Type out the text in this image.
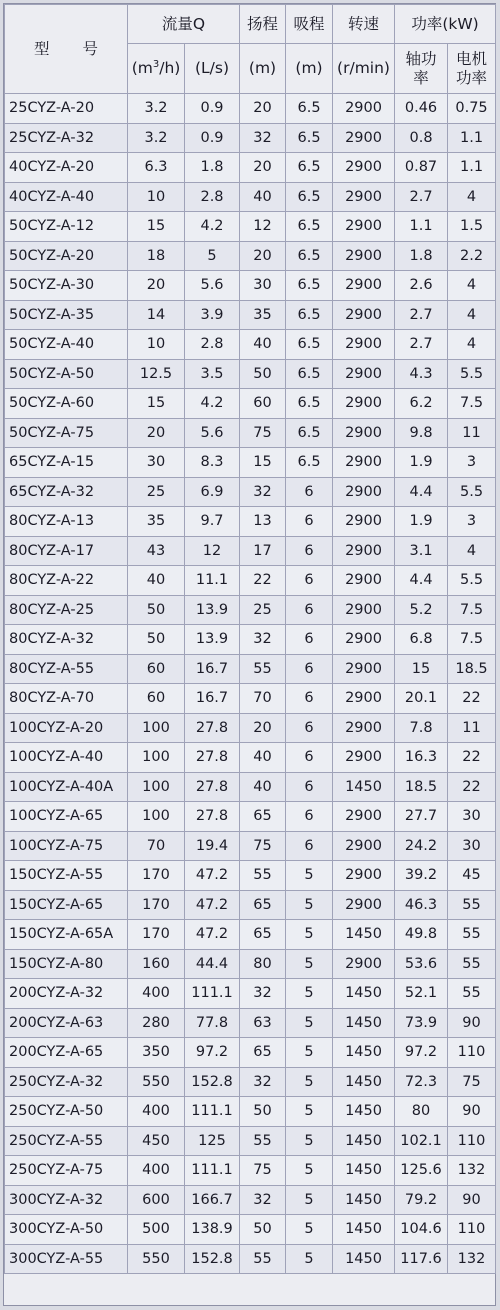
型 号	流量Q		扬程	吸程	转速	功率(kW)	
	$(m^3/h)$	(L/s)	(m)	(m)	(r/min)	轴功率	电机功率
25CYZ-A-20	3.2	0.9	20	6.5	2900	0.46	0.75
25CYZ-A-32	3.2	0.9	32	6.5	2900	0.8	1.1
40CYZ-A-20	6.3	1.8	20	6.5	2900	0.87	1.1
40CYZ-A-40	10	2.8	40	6.5	2900	2.7	4
50CYZ-A-12	15	4.2	12	6.5	2900	1.1	1.5
50CYZ-A-20	18	5	20	6.5	2900	1.8	2.2
50CYZ-A-30	20	5.6	30	6.5	2900	2.6	4
50CYZ-A-35	14	3.9	35	6.5	2900	2.7	4
50CYZ-A-40	10	2.8	40	6.5	2900	2.7	4
50CYZ-A-50	12.5	3.5	50	6.5	2900	4.3	5.5
50CYZ-A-60	15	4.2	60	6.5	2900	6.2	7.5
50CYZ-A-75	20	5.6	75	6.5	2900	9.8	11
65CYZ-A-15	30	8.3	15	6.5	2900	1.9	3
65CYZ-A-32	25	6.9	32	6	2900	4.4	5.5
80CYZ-A-13	35	9.7	13	6	2900	1.9	3
80CYZ-A-17	43	12	17	6	2900	3.1	4
80CYZ-A-22	40	11.1	22	6	2900	4.4	5.5
80CYZ-A-25	50	13.9	25	6	2900	5.2	7.5
80CYZ-A-32	50	13.9	32	6	2900	6.8	7.5
80CYZ-A-55	60	16.7	55	6	2900	15	18.5
80CYZ-A-70	60	16.7	70	6	2900	20.1	22
100CYZ-A-20	100	27.8	20	6	2900	7.8	11
100CYZ-A-40	100	27.8	40	6	2900	16.3	22
100CYZ-A-40A	100	27.8	40	6	1450	18.5	22
100CYZ-A-65	100	27.8	65	6	2900	27.7	30
100CYZ-A-75	70	19.4	75	6	2900	24.2	30
150CYZ-A-55	170	47.2	55	5	2900	39.2	45
150CYZ-A-65	170	47.2	65	5	2900	46.3	55
150CYZ-A-65A	170	47.2	65	5	1450	49.8	55
150CYZ-A-80	160	44.4	80	5	2900	53.6	55
200CYZ-A-32	400	111.1	32	5	1450	52.1	55
200CYZ-A-63	280	77.8	63	5	1450	73.9	90
200CYZ-A-65	350	97.2	65	5	1450	97.2	110
250CYZ-A-32	550	152.8	32	5	1450	72.3	75
250CYZ-A-50	400	111.1	50	5	1450	80	90
250CYZ-A-55	450	125	55	5	1450	102.1	110
250CYZ-A-75	400	111.1	75	5	1450	125.6	132
300CYZ-A-32	600	166.7	32	5	1450	79.2	90
300CYZ-A-50	500	138.9	50	5	1450	104.6	110
300CYZ-A-55	550	152.8	55	5	1450	117.6	132
